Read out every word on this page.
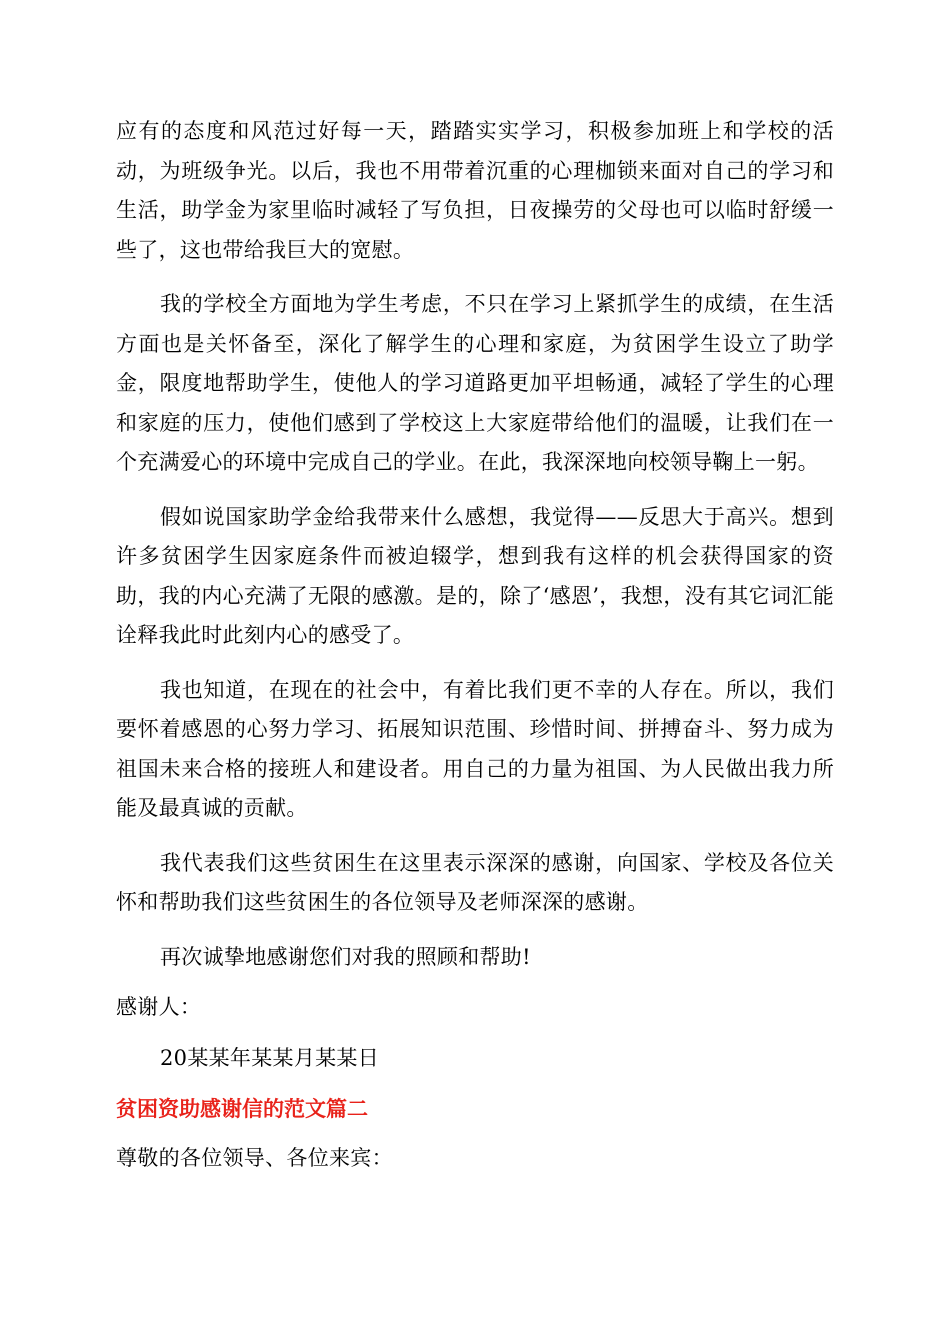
应有的态度和风范过好每一天，踏踏实实学习，积极参加班上和学校的活动，为班级争光。以后，我也不用带着沉重的心理枷锁来面对自己的学习和生活，助学金为家里临时减轻了写负担，日夜操劳的父母也可以临时舒缓一些了，这也带给我巨大的宽慰。

我的学校全方面地为学生考虑，不只在学习上紧抓学生的成绩，在生活方面也是关怀备至，深化了解学生的心理和家庭，为贫困学生设立了助学金，限度地帮助学生，使他人的学习道路更加平坦畅通，减轻了学生的心理和家庭的压力，使他们感到了学校这上大家庭带给他们的温暖，让我们在一个充满爱心的环境中完成自己的学业。在此，我深深地向校领导鞠上一躬。

假如说国家助学金给我带来什么感想，我觉得——反思大于高兴。想到许多贫困学生因家庭条件而被迫辍学，想到我有这样的机会获得国家的资助，我的内心充满了无限的感激。是的，除了‘感恩’，我想，没有其它词汇能诠释我此时此刻内心的感受了。

我也知道，在现在的社会中，有着比我们更不幸的人存在。所以，我们要怀着感恩的心努力学习、拓展知识范围、珍惜时间、拼搏奋斗、努力成为祖国未来合格的接班人和建设者。用自己的力量为祖国、为人民做出我力所能及最真诚的贡献。

我代表我们这些贫困生在这里表示深深的感谢，向国家、学校及各位关怀和帮助我们这些贫困生的各位领导及老师深深的感谢。

再次诚挚地感谢您们对我的照顾和帮助!

感谢人：

20某某年某某月某某日

贫困资助感谢信的范文篇二

尊敬的各位领导、各位来宾：
